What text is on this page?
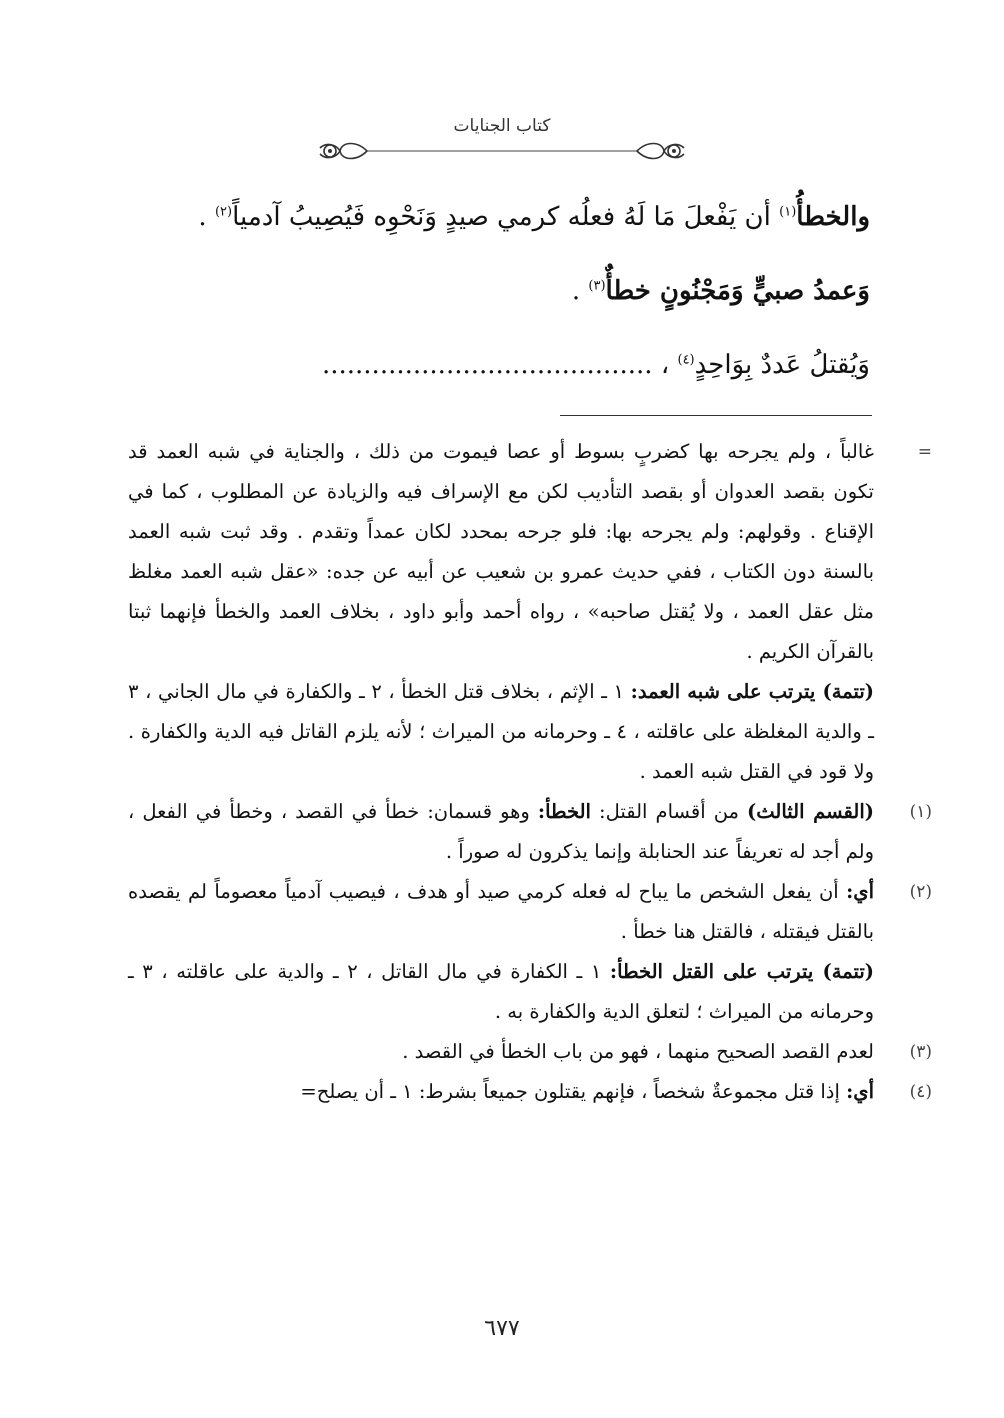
كتاب الجنايات
والخطأُ$^{(١)}$ أن يَفْعلَ مَا لَهُ فعلُه كرمي صيدٍ وَنَحْوِه فَيُصِيبُ آدمياً$^{(٢)}$ .
وَعمدُ صبيٍّ وَمَجْنُونٍ خطأٌ$^{(٣)}$ .
وَيُقتلُ عَددٌ بِوَاحِدٍ$^{(٤)}$ ، ........................................
=
غالباً ، ولم يجرحه بها كضربٍ بسوط أو عصا فيموت من ذلك ، والجناية في شبه العمد قد تكون بقصد العدوان أو بقصد التأديب لكن مع الإسراف فيه والزيادة عن المطلوب ، كما في الإقناع . وقولهم: ولم يجرحه بها: فلو جرحه بمحدد لكان عمداً وتقدم . وقد ثبت شبه العمد بالسنة دون الكتاب ، ففي حديث عمرو بن شعيب عن أبيه عن جده: «عقل شبه العمد مغلظ مثل عقل العمد ، ولا يُقتل صاحبه» ، رواه أحمد وأبو داود ، بخلاف العمد والخطأ فإنهما ثبتا بالقرآن الكريم .
(تتمة) يترتب على شبه العمد: ١ ـ الإثم ، بخلاف قتل الخطأ ، ٢ ـ والكفارة في مال الجاني ، ٣ ـ والدية المغلظة على عاقلته ، ٤ ـ وحرمانه من الميراث ؛ لأنه يلزم القاتل فيه الدية والكفارة . ولا قود في القتل شبه العمد .
(١)
(القسم الثالث) من أقسام القتل: الخطأ: وهو قسمان: خطأ في القصد ، وخطأ في الفعل ، ولم أجد له تعريفاً عند الحنابلة وإنما يذكرون له صوراً .
(٢)
أي: أن يفعل الشخص ما يباح له فعله كرمي صيد أو هدف ، فيصيب آدمياً معصوماً لم يقصده بالقتل فيقتله ، فالقتل هنا خطأ .
(تتمة) يترتب على القتل الخطأ: ١ ـ الكفارة في مال القاتل ، ٢ ـ والدية على عاقلته ، ٣ ـ وحرمانه من الميراث ؛ لتعلق الدية والكفارة به .
(٣)
لعدم القصد الصحيح منهما ، فهو من باب الخطأ في القصد .
(٤)
أي: إذا قتل مجموعةٌ شخصاً ، فإنهم يقتلون جميعاً بشرط: ١ ـ أن يصلح=
٦٧٧
